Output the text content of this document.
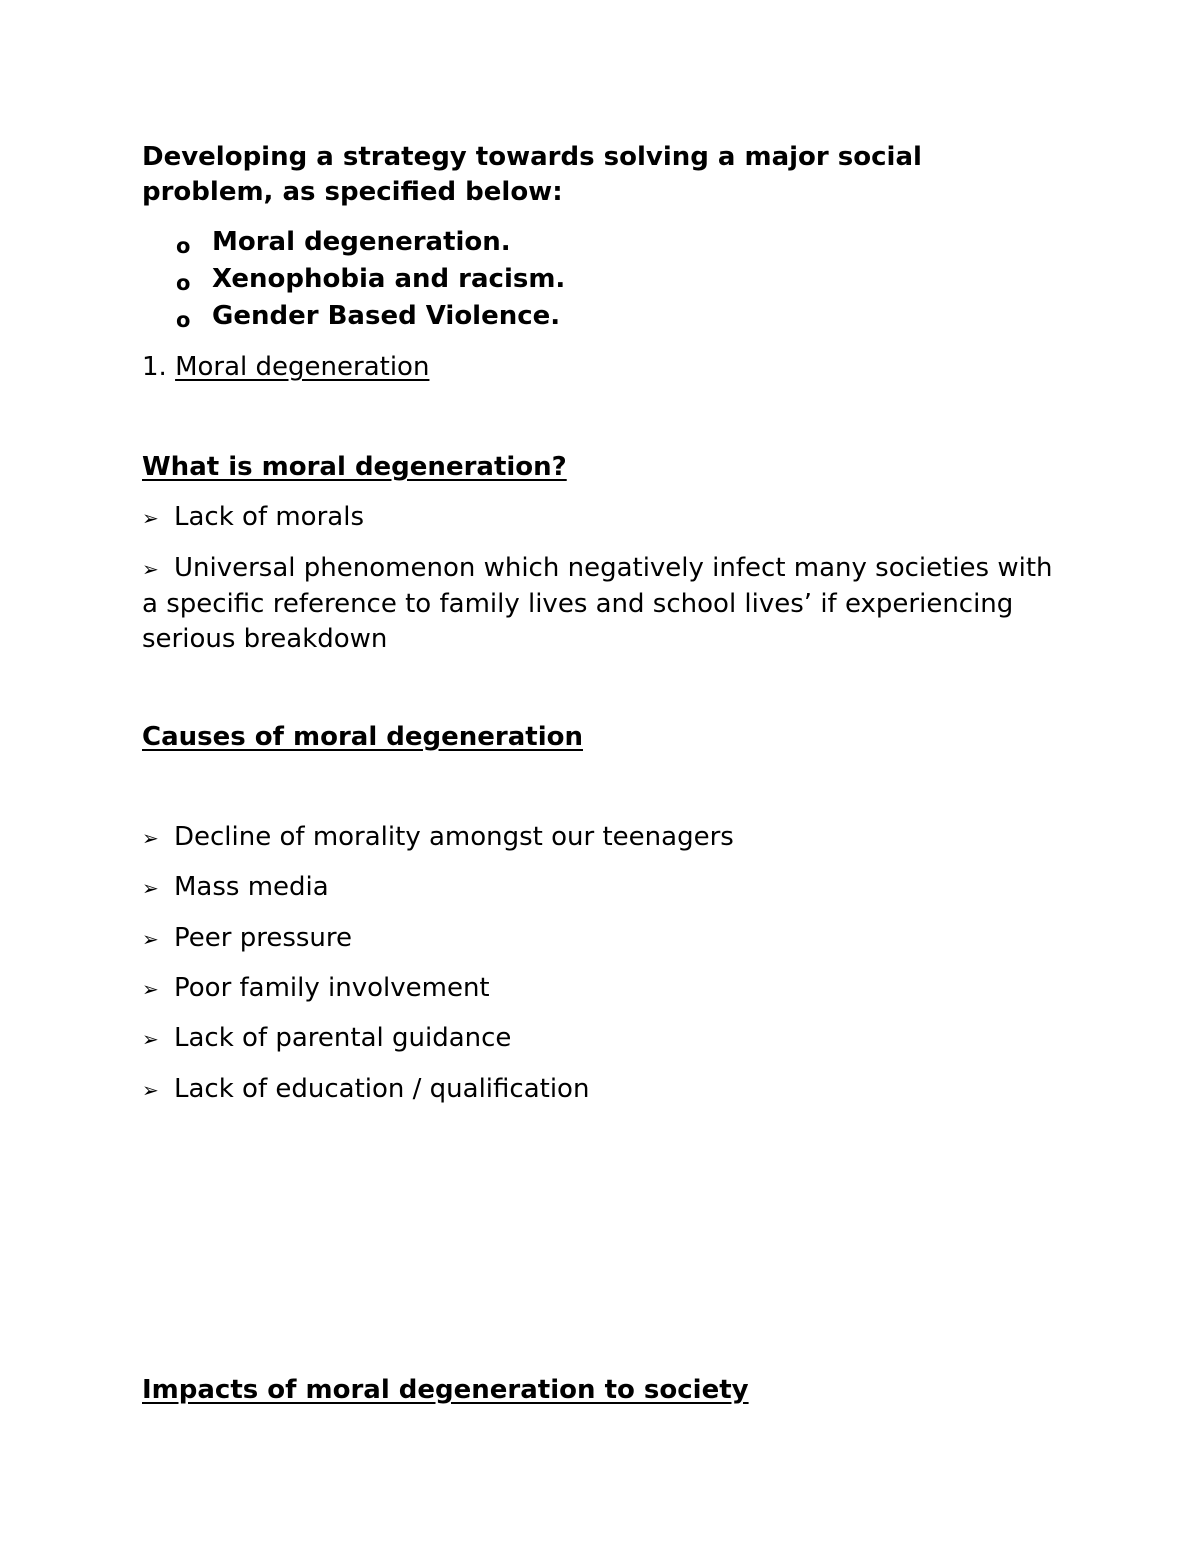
Developing a strategy towards solving a major social
problem, as specified below:
o Moral degeneration.
o Xenophobia and racism.
o Gender Based Violence.
1. Moral degeneration
What is moral degeneration?
➢ Lack of morals
➢ Universal phenomenon which negatively infect many societies with a specific reference to family lives and school lives’ if experiencing serious breakdown
Causes of moral degeneration
➢ Decline of morality amongst our teenagers
➢ Mass media
➢ Peer pressure
➢ Poor family involvement
➢ Lack of parental guidance
➢ Lack of education / qualification
Impacts of moral degeneration to society
